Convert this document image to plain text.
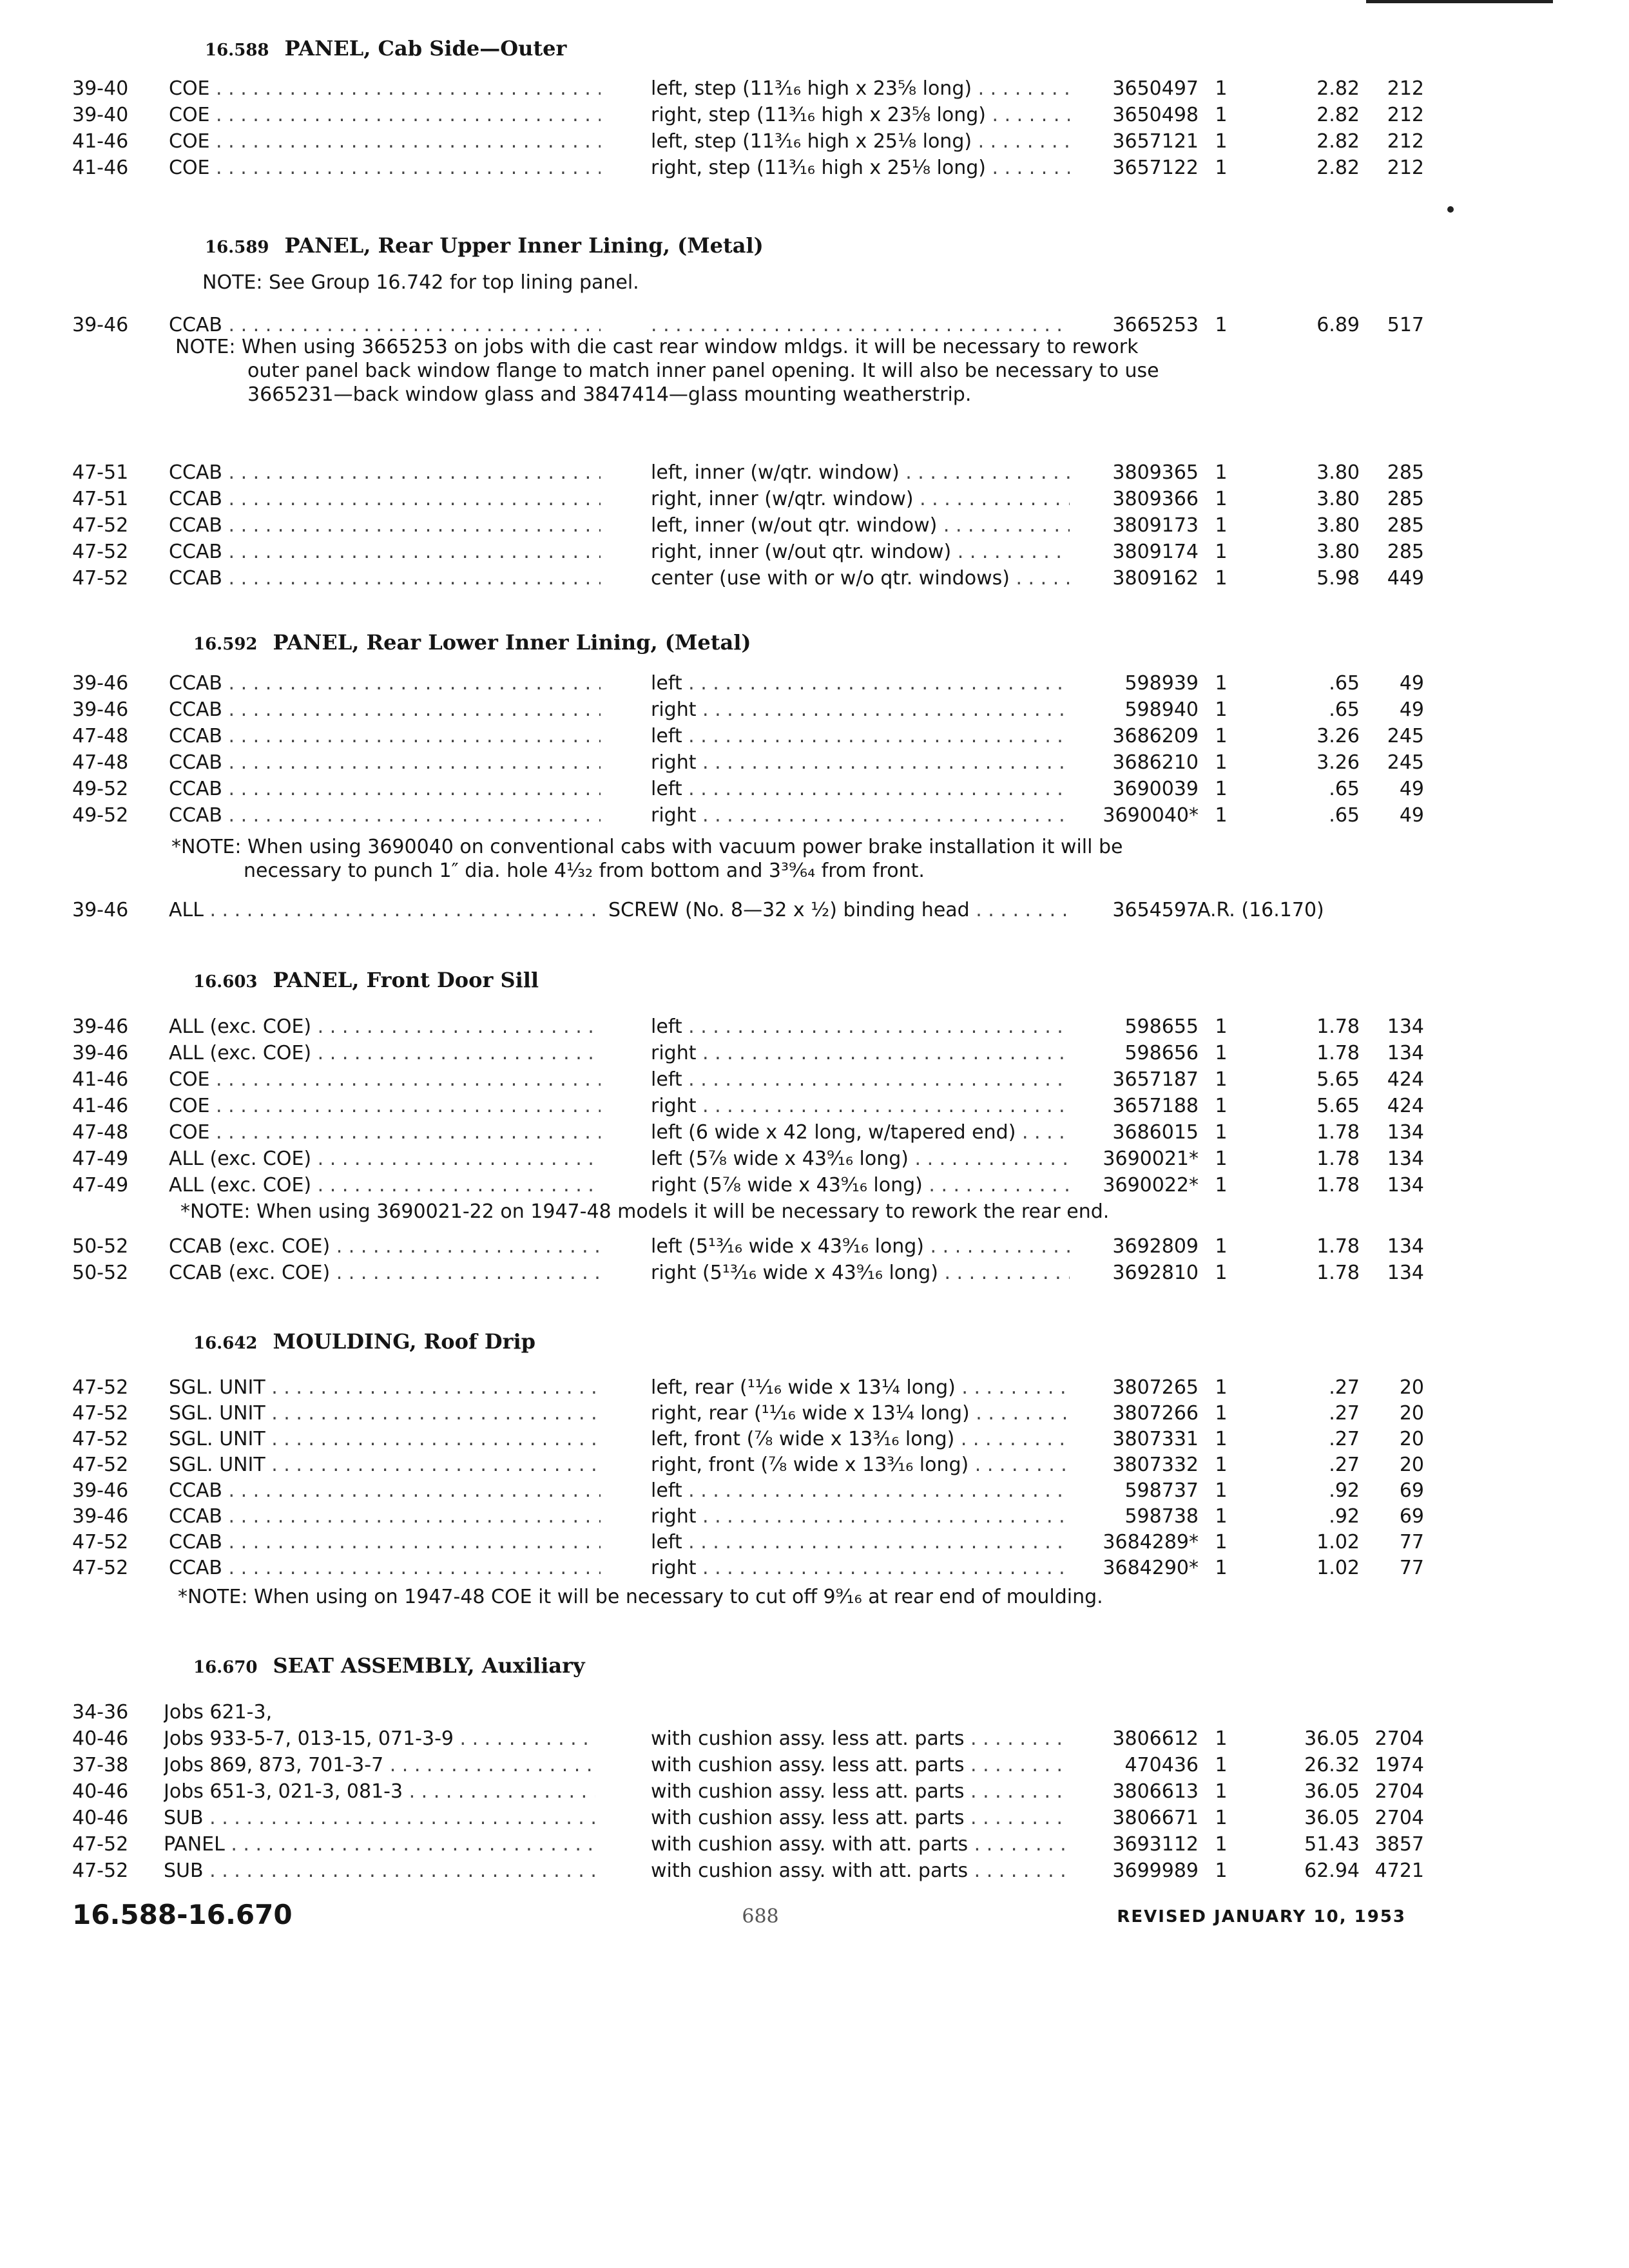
16.588 PANEL, Cab Side—Outer
39-40	COE . . .	left, step (11³⁄₁₆ high x 23⅝ long) . . .	3650497 1	2.82	212
39-40	COE . . .	right, step (11³⁄₁₆ high x 23⅝ long) . . .	3650498 1	2.82	212
41-46	COE . . .	left, step (11³⁄₁₆ high x 25⅛ long) . . .	3657121 1	2.82	212
41-46	COE . . .	right, step (11³⁄₁₆ high x 25⅛ long) . . .	3657122 1	2.82	212
16.589 PANEL, Rear Upper Inner Lining, (Metal)
NOTE: See Group 16.742 for top lining panel.
39-46	CCAB . . .
. . .	3665253 1	6.89	517
NOTE: When using 3665253 on jobs with die cast rear window mldgs. it will be necessary to rework outer panel back window flange to match inner panel opening. It will also be necessary to use 3665231—back window glass and 3847414—glass mounting weatherstrip.
47-51	CCAB . . .	left, inner (w/qtr. window) . . .	3809365 1	3.80	285
47-51	CCAB . . .	right, inner (w/qtr. window) . . .	3809366 1	3.80	285
47-52	CCAB . . .	left, inner (w/out qtr. window) . . .	3809173 1	3.80	285
47-52	CCAB . . .	right, inner (w/out qtr. window) . . .	3809174 1	3.80	285
47-52	CCAB . . .	center (use with or w/o qtr. windows) . . .	3809162 1	5.98	449
16.592 PANEL, Rear Lower Inner Lining, (Metal)
39-46	CCAB . . .	left . . .	598939 1	.65	49
39-46	CCAB . . .	right . . .	598940 1	.65	49
47-48	CCAB . . .	left . . .	3686209 1	3.26	245
47-48	CCAB . . .	right . . .	3686210 1	3.26	245
49-52	CCAB . . .	left . . .	3690039 1	.65	49
49-52	CCAB . . .	right . . .	3690040* 1	.65	49
*NOTE: When using 3690040 on conventional cabs with vacuum power brake installation it will be necessary to punch 1″ dia. hole 4⅟₃₂ from bottom and 3³⁹⁄₆₄ from front.
39-46	ALL . . .	SCREW (No. 8—32 x ½) binding head . . .	3654597
A.R. (16.170)
16.603 PANEL, Front Door Sill
39-46	ALL (exc. COE) . . .	left . . .	598655 1	1.78	134
39-46	ALL (exc. COE) . . .	right . . .	598656 1	1.78	134
41-46	COE . . .	left . . .	3657187 1	5.65	424
41-46	COE . . .	right . . .	3657188 1	5.65	424
47-48	COE . . .	left (6 wide x 42 long, w/tapered end) . . .	3686015 1	1.78	134
47-49	ALL (exc. COE) . . .	left (5⅞ wide x 43⁹⁄₁₆ long) . . .	3690021* 1	1.78	134
47-49	ALL (exc. COE) . . .	right (5⅞ wide x 43⁹⁄₁₆ long) . . .	3690022* 1	1.78	134
*NOTE: When using 3690021-22 on 1947-48 models it will be necessary to rework the rear end.
50-52	CCAB (exc. COE) . . .	left (5¹³⁄₁₆ wide x 43⁹⁄₁₆ long) . . .	3692809 1	1.78	134
50-52	CCAB (exc. COE) . . .	right (5¹³⁄₁₆ wide x 43⁹⁄₁₆ long) . . .	3692810 1	1.78	134
16.642 MOULDING, Roof Drip
47-52	SGL. UNIT . . .	left, rear (¹¹⁄₁₆ wide x 13¼ long) . . .	3807265 1	.27	20
47-52	SGL. UNIT . . .	right, rear (¹¹⁄₁₆ wide x 13¼ long) . . .	3807266 1	.27	20
47-52	SGL. UNIT . . .	left, front (⅞ wide x 13³⁄₁₆ long) . . .	3807331 1	.27	20
47-52	SGL. UNIT . . .	right, front (⅞ wide x 13³⁄₁₆ long) . . .	3807332 1	.27	20
39-46	CCAB . . .	left . . .	598737 1	.92	69
39-46	CCAB . . .	right . . .	598738 1	.92	69
47-52	CCAB . . .	left . . .	3684289* 1	1.02	77
47-52	CCAB . . .	right . . .	3684290* 1	1.02	77
*NOTE: When using on 1947-48 COE it will be necessary to cut off 9⁹⁄₁₆ at rear end of moulding.
16.670 SEAT ASSEMBLY, Auxiliary
34-36	Jobs 621-3,
40-46	Jobs 933-5-7, 013-15, 071-3-9 . . .	with cushion assy. less att. parts . . .	3806612 1	36.05 2704
37-38	Jobs 869, 873, 701-3-7 . . .	with cushion assy. less att. parts . . .	470436 1	26.32 1974
40-46	Jobs 651-3, 021-3, 081-3 . . .	with cushion assy. less att. parts . . .	3806613 1	36.05 2704
40-46	SUB . . .	with cushion assy. less att. parts . . .	3806671 1	36.05 2704
47-52	PANEL . . .	with cushion assy. with att. parts . . .	3693112 1	51.43 3857
47-52	SUB . . .	with cushion assy. with att. parts . . .	3699989 1	62.94 4721
16.588-16.670	688	REVISED JANUARY 10, 1953
